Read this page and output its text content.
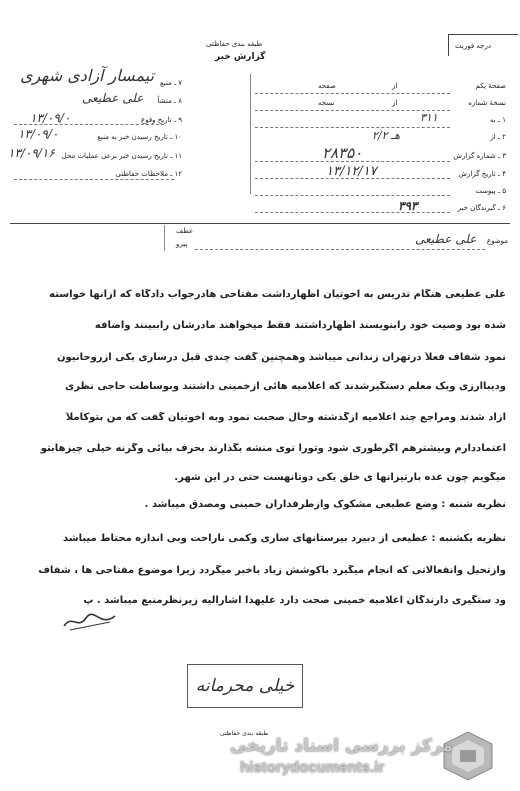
طبقه بندی حفاظتی
گزارش خبر
درجه فوریت
۷ ـ منبع
تیمسار آزادی شهری
۸ ـ منشأ
علی عطیعی
۹ ـ تاریخ وقوع
۱۳/۰۹/۰
۱۰ ـ تاریخ رسیدن خبر به منبع
۱۳/۰۹/۰
۱۱ ـ تاریخ رسیدن خبر برعی عملیات محل
۱۳/۰۹/۱۶
۱۲ ـ ملاحظات حفاظتی
صفحهٔ یکم
از
صفحه
نسخهٔ شماره
از
نسخه
۱ ـ به
۳۱۱
۲ ـ از
۲/۲ هـ
۳ ـ شماره گزارش
۲۸۳۵۰
۴ ـ تاریخ گزارش
۱۳/۱۲/۱۷
۵ ـ پیوست
۶ ـ گیرندگان خبر
۳۹۳
عطف
پیرو	موضوع
علی عطیعی
علی عطیعی هنگام تدریس به اخوتیان اظهارداشت مفتاحی هادرجواب دادگاه که ازآنها خواسته
شده بود وصیت خود رابنویسند اظهارداشتند فقط میخواهند مادرشان راببینند واضافه
نمود شفاف فعلاً درتهران زندانی میباشد وهمچنین گفت چندی قبل درساری یکی ازروحانیون
ودیباارزی ویک معلم دستگیرشدند که اعلامیه هائی ازخمینی داشتند وبوساطت حاجی نظری
آزاد شدند ومراجع چند اعلامیه ازگذشته وحال صحبت نمود وبه اخوتیان گفت که من بتوکاملاً
اعتماددارم وبیشترهم اگرطوری شود وتورا توی منشه بگذارند بحرف بیائی وگرنه خیلی چیزهابتو
میگویم چون عده بارتیزانها ی خلق یکی دوتانهست حتی در این شهر.
نظریه شنبه : وضع عطیعی مشکوک وازطرفداران خمینی ومصدق میباشد .
نظریه یکشنبه : عطیعی از دبیرد بیرستانهای ساری وکمی ناراحت وبی اندازه محتاط میباشد
وازتحیل وانفعالاتی که انجام میگیرد باکوشش زیاد باخبر میگردد زیرا موضوع مفتاحی ها ، شفاف
ود ستگیری دارندگان اعلامیه خمینی صحت دارد علیهذا اشارالیه زیرنظرمنبع میباشد . پ
خیلی محرمانه
طبقه بندی حفاظتی
مرکز بررسی اسناد تاریخی
historydocuments.ir
